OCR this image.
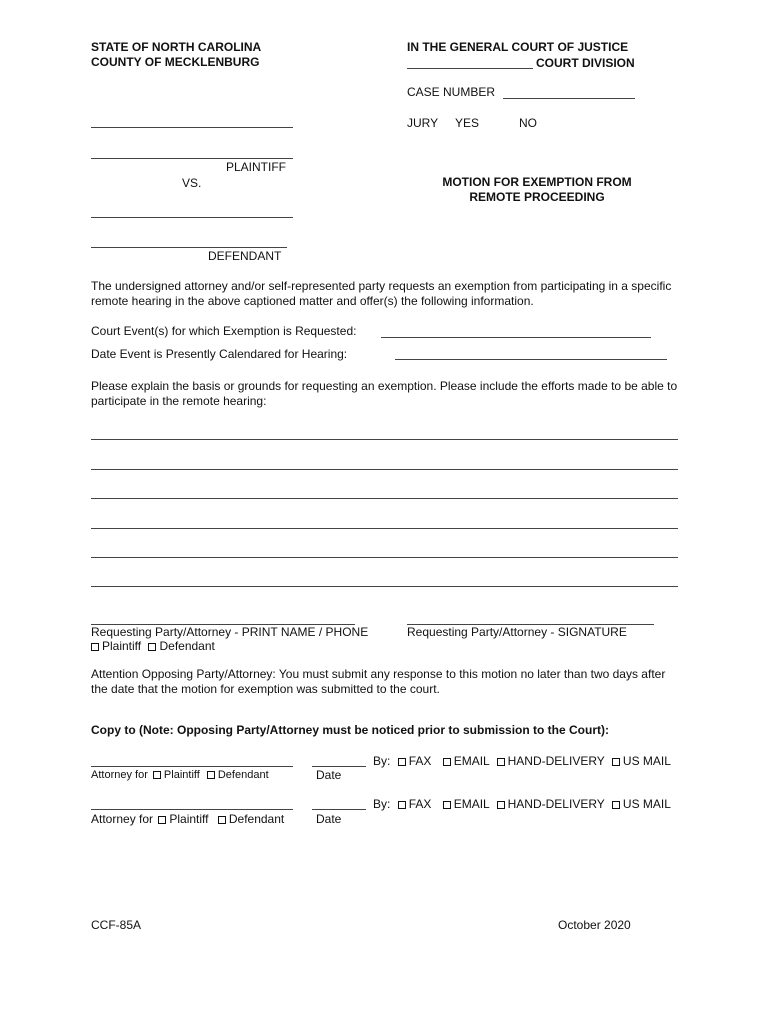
STATE OF NORTH CAROLINA
COUNTY OF MECKLENBURG
IN THE GENERAL COURT OF JUSTICE
COURT DIVISION
CASE NUMBER
JURY YES	NO
PLAINTIFF
VS.
DEFENDANT
MOTION FOR EXEMPTION FROM
REMOTE PROCEEDING
The undersigned attorney and/or self-represented party requests an exemption from participating in a specific remote hearing in the above captioned matter and offer(s) the following information.
Court Event(s) for which Exemption is Requested:
Date Event is Presently Calendared for Hearing:
Please explain the basis or grounds for requesting an exemption. Please include the efforts made to be able to participate in the remote hearing:
Requesting Party/Attorney - PRINT NAME / PHONE
Plaintiff Defendant
Requesting Party/Attorney - SIGNATURE
Attention Opposing Party/Attorney: You must submit any response to this motion no later than two days after the date that the motion for exemption was submitted to the court.
Copy to (Note: Opposing Party/Attorney must be noticed prior to submission to the Court):
Attorney for Plaintiff Defendant	Date
By: FAX EMAIL HAND-DELIVERY US MAIL
Attorney for Plaintiff Defendant	Date
By: FAX EMAIL HAND-DELIVERY US MAIL
CCF-85A	October 2020
